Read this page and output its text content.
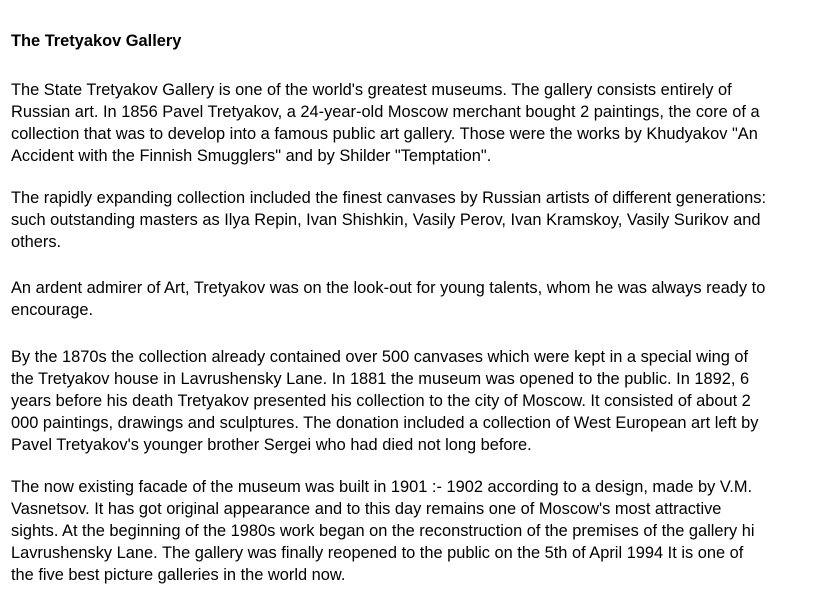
The Tretyakov Gallery

The State Tretyakov Gallery is one of the world's greatest museums. The gallery consists entirely of
Russian art. In 1856 Pavel Tretyakov, a 24-year-old Moscow merchant bought 2 paintings, the core of a
collection that was to develop into a famous public art gallery. Those were the works by Khudyakov "An
Accident with the Finnish Smugglers" and by Shilder "Temptation".

The rapidly expanding collection included the finest canvases by Russian artists of different generations:
such outstanding masters as Ilya Repin, Ivan Shishkin, Vasily Perov, Ivan Kramskoy, Vasily Surikov and
others.

An ardent admirer of Art, Tretyakov was on the look-out for young talents, whom he was always ready to
encourage.

By the 1870s the collection already contained over 500 canvases which were kept in a special wing of
the Tretyakov house in Lavrushensky Lane. In 1881 the museum was opened to the public. In 1892, 6
years before his death Tretyakov presented his collection to the city of Moscow. It consisted of about 2
000 paintings, drawings and sculptures. The donation included a collection of West European art left by
Pavel Tretyakov's younger brother Sergei who had died not long before.

The now existing facade of the museum was built in 1901 :- 1902 according to a design, made by V.M.
Vasnetsov. It has got original appearance and to this day remains one of Moscow's most attractive
sights. At the beginning of the 1980s work began on the reconstruction of the premises of the gallery hi
Lavrushensky Lane. The gallery was finally reopened to the public on the 5th of April 1994 It is one of
the five best picture galleries in the world now.
